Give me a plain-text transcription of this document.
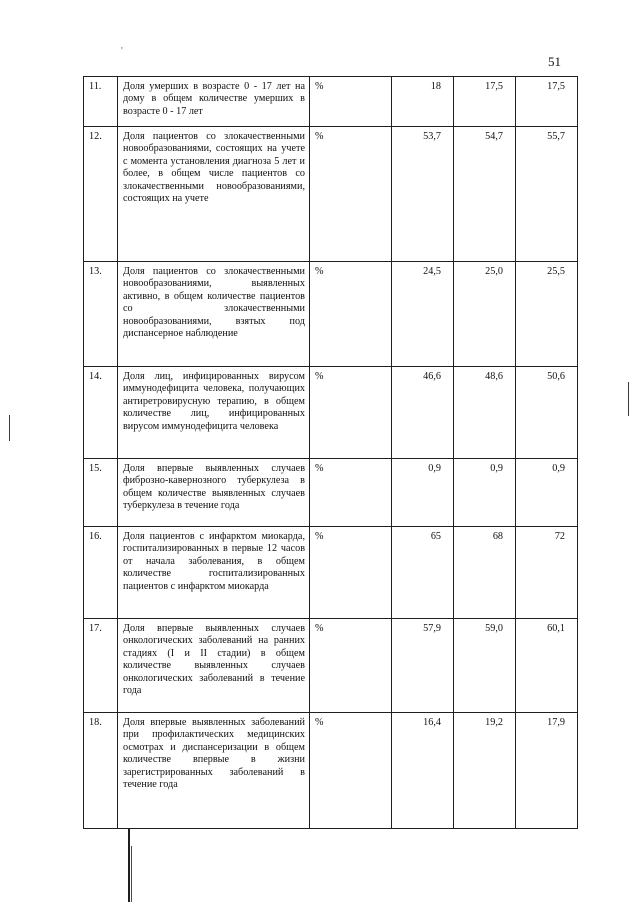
51
'
11.	Доля умерших в возрасте 0 - 17 лет на дому в общем количестве умерших в возрасте 0 - 17 лет	%	18	17,5	17,5
12.	Доля пациентов со злокачественными новообразованиями, состоящих на учете с момента установления диагноза 5 лет и более, в общем числе пациентов со злокачественными новообразованиями, состоящих на учете	%	53,7	54,7	55,7
13.	Доля пациентов со злокачественными новообразованиями, выявленных активно, в общем количестве пациентов со злокачественными новообразованиями, взятых под диспансерное наблюдение	%	24,5	25,0	25,5
14.	Доля лиц, инфицированных вирусом иммунодефицита человека, получающих антиретровирусную терапию, в общем количестве лиц, инфицированных вирусом иммунодефицита человека	%	46,6	48,6	50,6
15.	Доля впервые выявленных случаев фиброзно-кавернозного туберкулеза в общем количестве выявленных случаев туберкулеза в течение года	%	0,9	0,9	0,9
16.	Доля пациентов с инфарктом миокарда, госпитализированных в первые 12 часов от начала заболевания, в общем количестве госпитализированных пациентов с инфарктом миокарда	%	65	68	72
17.	Доля впервые выявленных случаев онкологических заболеваний на ранних стадиях (I и II стадии) в общем количестве выявленных случаев онкологических заболеваний в течение года	%	57,9	59,0	60,1
18.	Доля впервые выявленных заболеваний при профилактических медицинских осмотрах и диспансеризации в общем количестве впервые в жизни зарегистрированных заболеваний в течение года	%	16,4	19,2	17,9
